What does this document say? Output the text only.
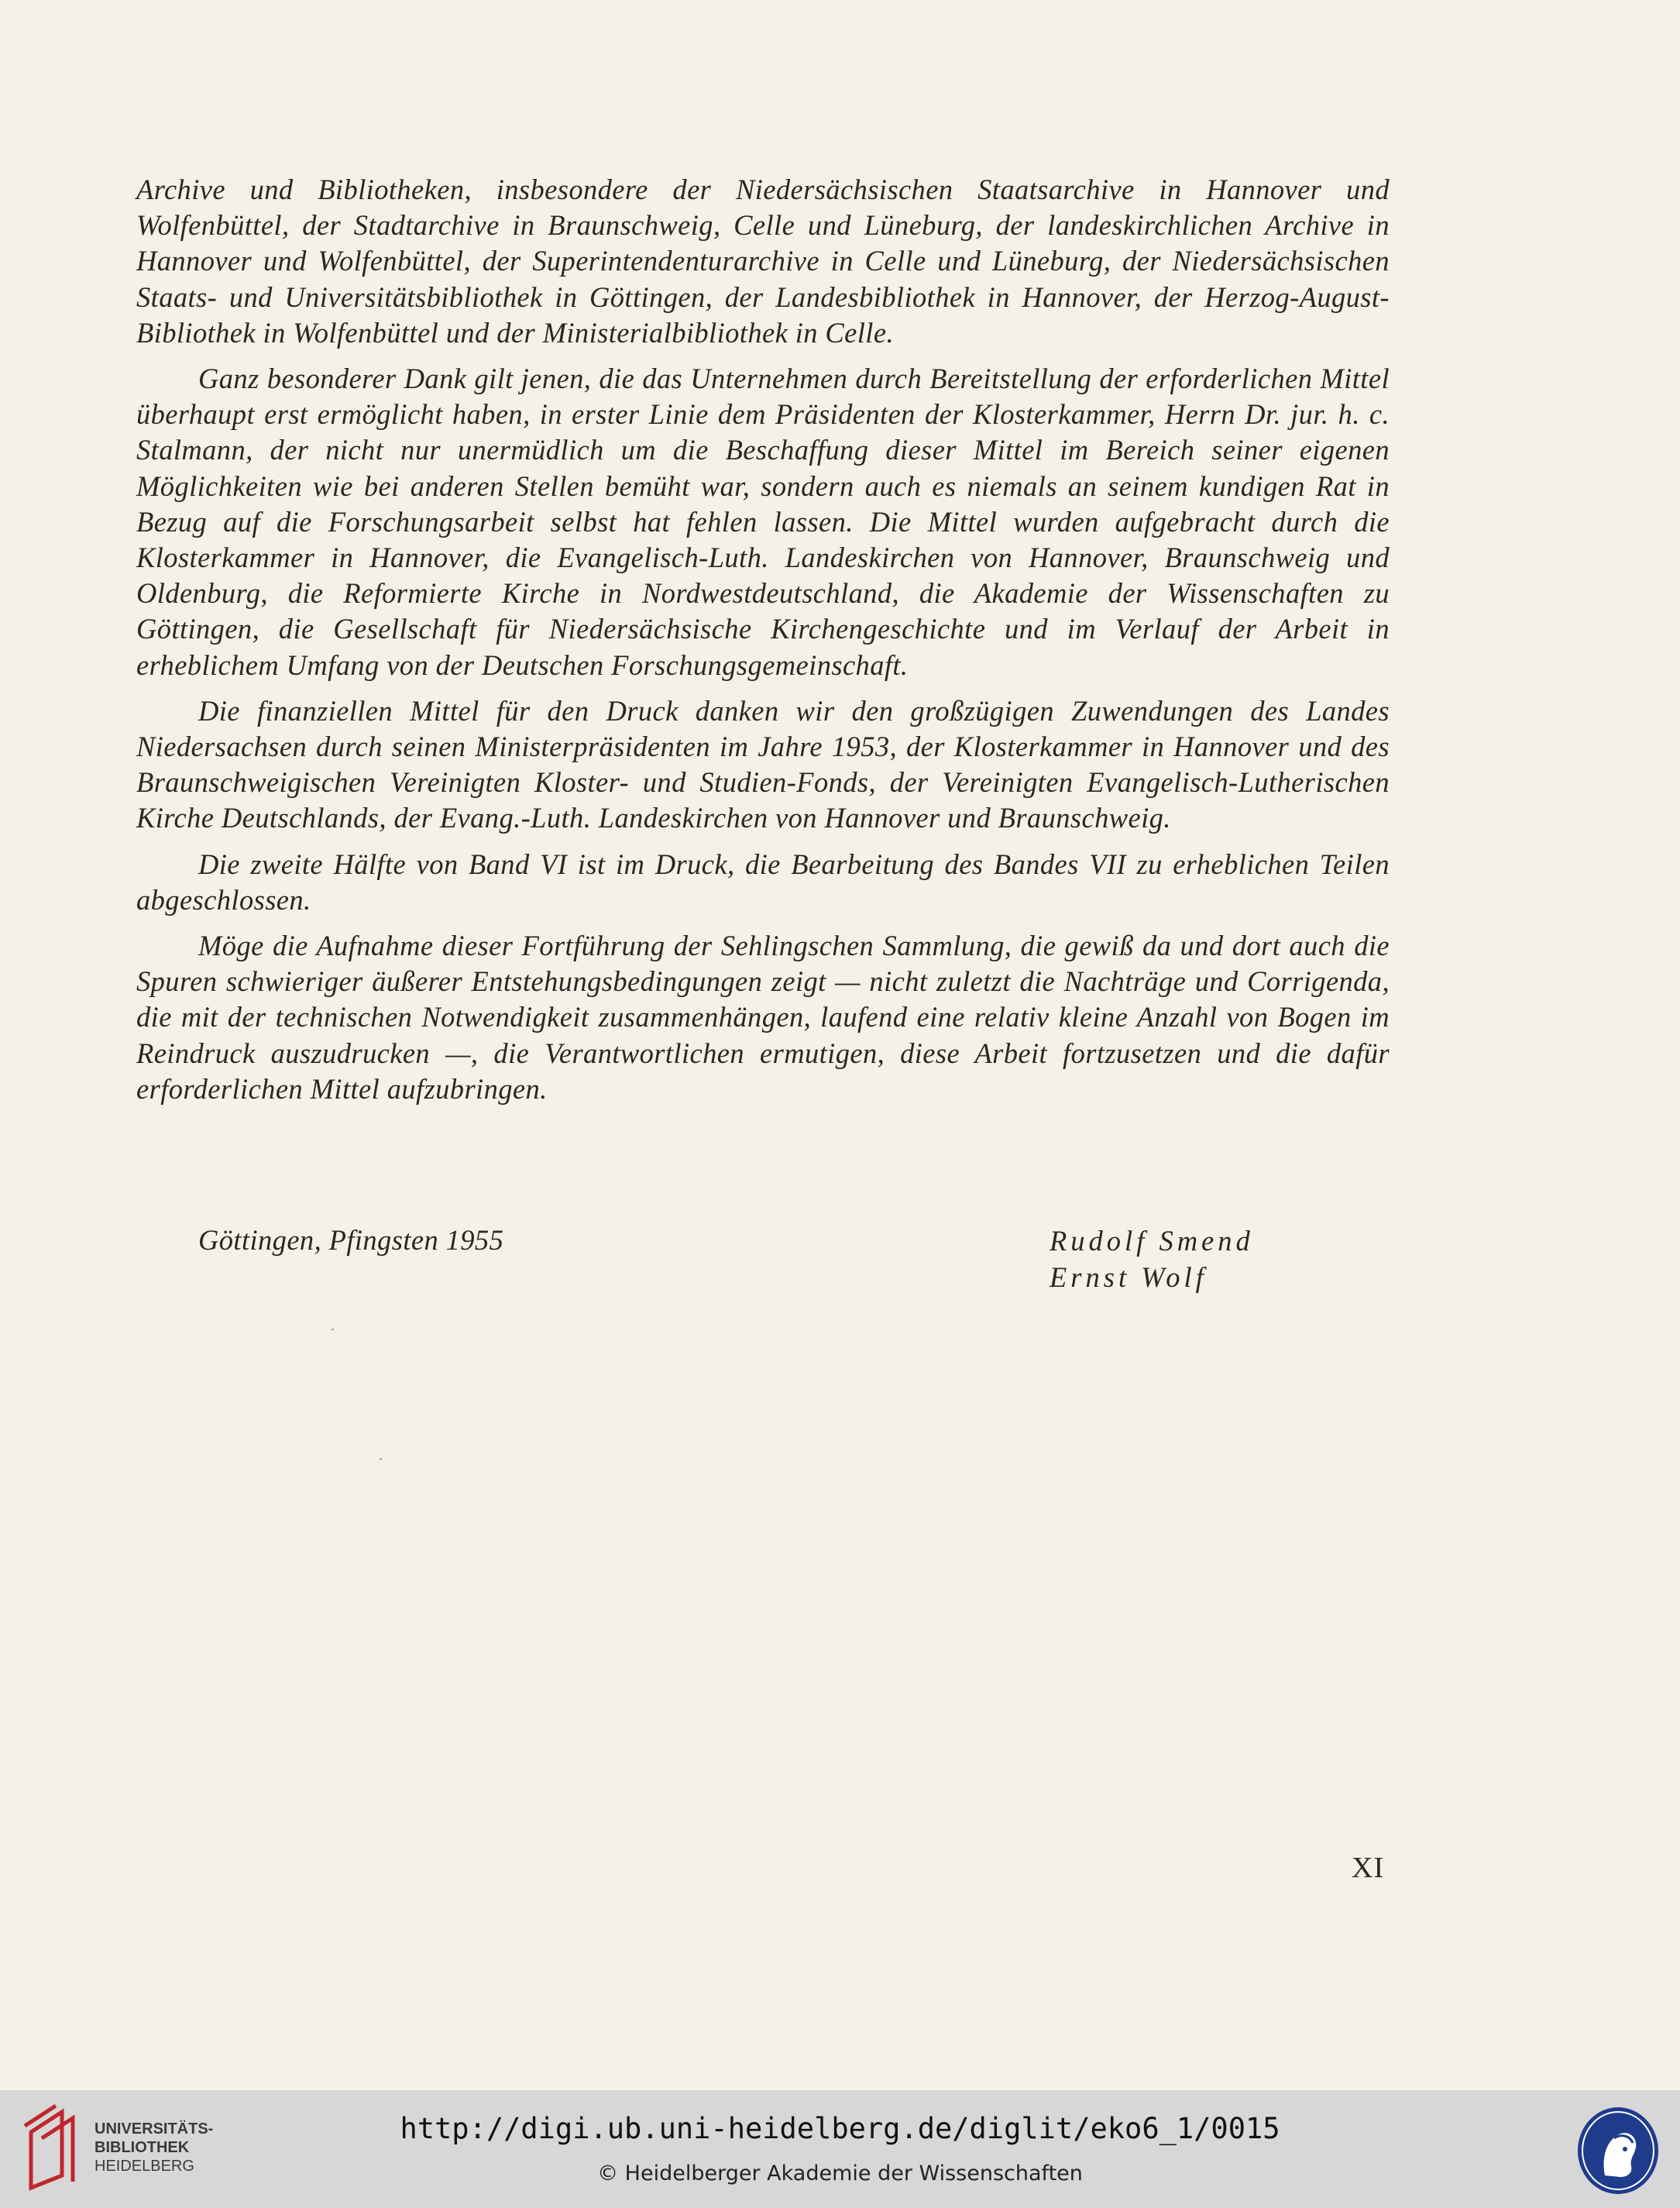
Archive und Bibliotheken, insbesondere der Niedersächsischen Staatsarchive in Hannover und Wolfenbüttel, der Stadtarchive in Braunschweig, Celle und Lüneburg, der landeskirchlichen Archive in Hannover und Wolfenbüttel, der Superintendenturarchive in Celle und Lüneburg, der Niedersächsischen Staats- und Universitätsbibliothek in Göttingen, der Landesbibliothek in Hannover, der Herzog-August-Bibliothek in Wolfenbüttel und der Ministerialbibliothek in Celle.

Ganz besonderer Dank gilt jenen, die das Unternehmen durch Bereitstellung der erforderlichen Mittel überhaupt erst ermöglicht haben, in erster Linie dem Präsidenten der Klosterkammer, Herrn Dr. jur. h. c. Stalmann, der nicht nur unermüdlich um die Beschaffung dieser Mittel im Bereich seiner eigenen Möglichkeiten wie bei anderen Stellen bemüht war, sondern auch es niemals an seinem kundigen Rat in Bezug auf die Forschungsarbeit selbst hat fehlen lassen. Die Mittel wurden aufgebracht durch die Klosterkammer in Hannover, die Evangelisch-Luth. Landeskirchen von Hannover, Braunschweig und Oldenburg, die Reformierte Kirche in Nordwestdeutschland, die Akademie der Wissenschaften zu Göttingen, die Gesellschaft für Niedersächsische Kirchengeschichte und im Verlauf der Arbeit in erheblichem Umfang von der Deutschen Forschungsgemeinschaft.

Die finanziellen Mittel für den Druck danken wir den großzügigen Zuwendungen des Landes Niedersachsen durch seinen Ministerpräsidenten im Jahre 1953, der Klosterkammer in Hannover und des Braunschweigischen Vereinigten Kloster- und Studien-Fonds, der Vereinigten Evangelisch-Lutherischen Kirche Deutschlands, der Evang.-Luth. Landeskirchen von Hannover und Braunschweig.

Die zweite Hälfte von Band VI ist im Druck, die Bearbeitung des Bandes VII zu erheblichen Teilen abgeschlossen.

Möge die Aufnahme dieser Fortführung der Sehlingschen Sammlung, die gewiß da und dort auch die Spuren schwieriger äußerer Entstehungsbedingungen zeigt — nicht zuletzt die Nachträge und Corrigenda, die mit der technischen Notwendigkeit zusammenhängen, laufend eine relativ kleine Anzahl von Bogen im Reindruck auszudrucken —, die Verantwortlichen ermutigen, diese Arbeit fortzusetzen und die dafür erforderlichen Mittel aufzubringen.

Göttingen, Pfingsten 1955	Rudolf Smend
Ernst Wolf
XI
UNIVERSITÄTS-
BIBLIOTHEK
HEIDELBERG
http://digi.ub.uni-heidelberg.de/diglit/eko6_1/0015
© Heidelberger Akademie der Wissenschaften
